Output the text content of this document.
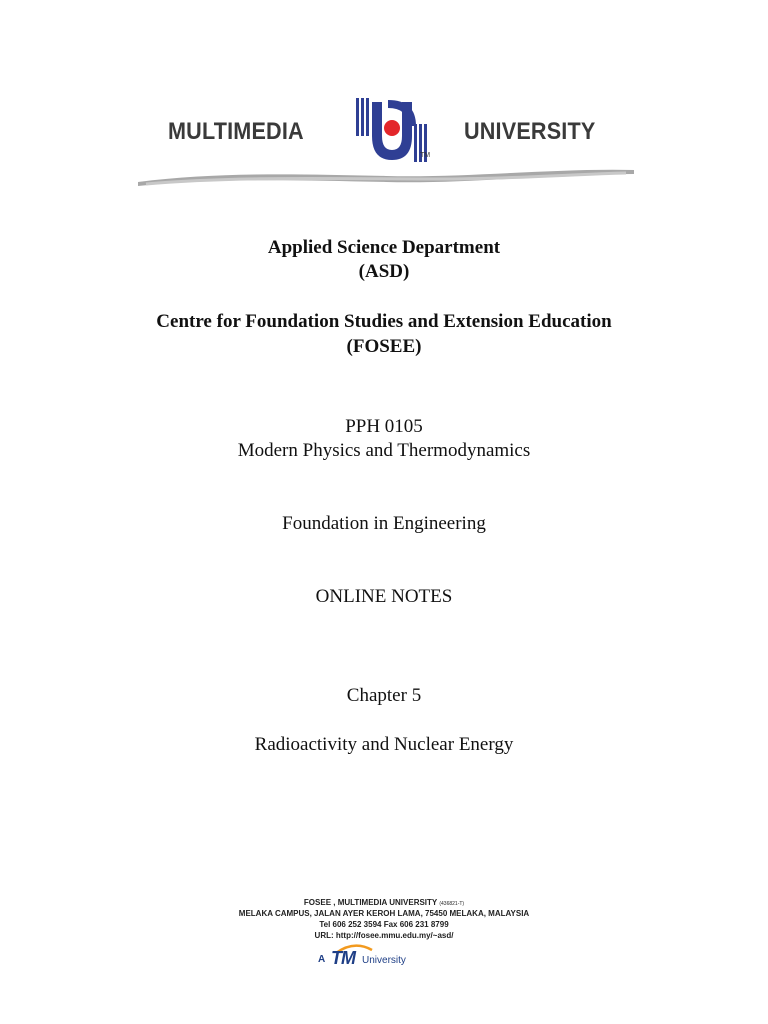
MULTIMEDIA
TM
UNIVERSITY
Applied Science Department
(ASD)
Centre for Foundation Studies and Extension Education
(FOSEE)
PPH 0105
Modern Physics and Thermodynamics
Foundation in Engineering
ONLINE NOTES
Chapter 5
Radioactivity and Nuclear Energy
FOSEE , MULTIMEDIA UNIVERSITY (436821-T)
MELAKA CAMPUS, JALAN AYER KEROH LAMA, 75450 MELAKA, MALAYSIA
Tel 606 252 3594 Fax 606 231 8799
URL: http://fosee.mmu.edu.my/~asd/
A TM University
